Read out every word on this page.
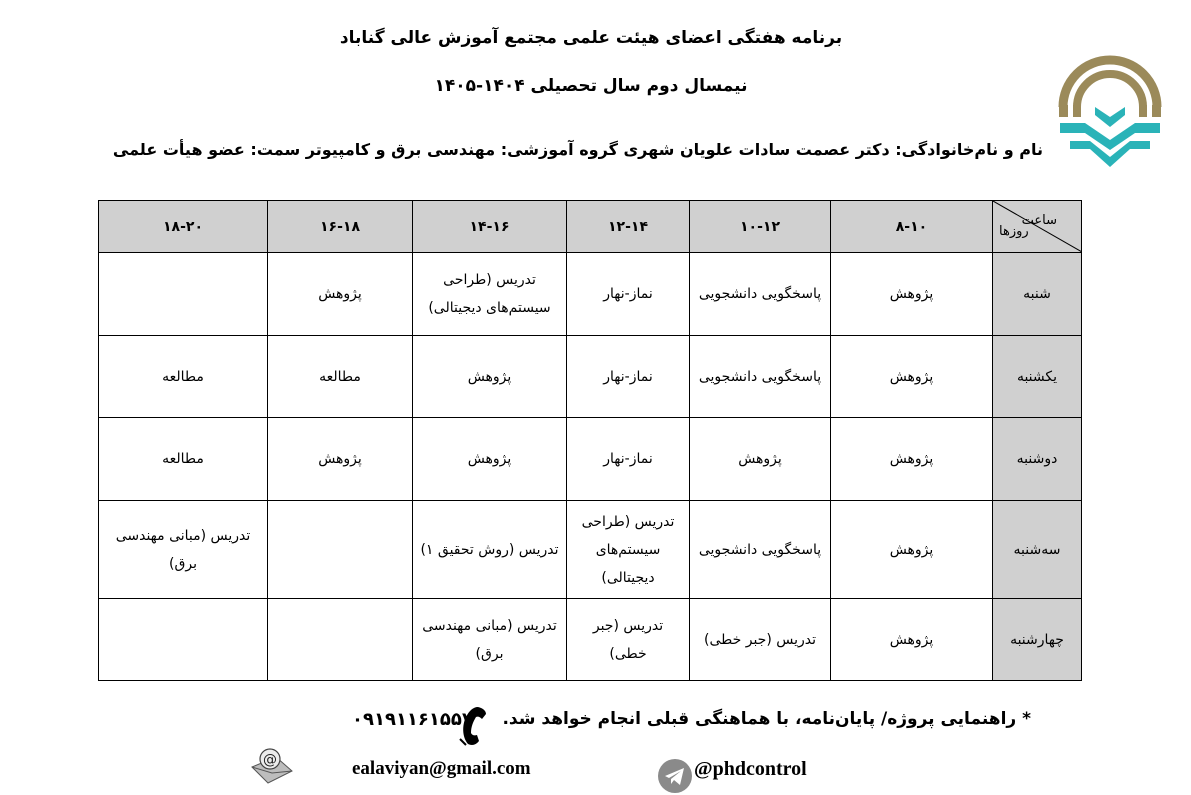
برنامه هفتگی اعضای هیئت علمی مجتمع آموزش عالی گناباد
نیمسال دوم سال تحصیلی ۱۴۰۴-۱۴۰۵
نام و نام‌خانوادگی: دکتر عصمت سادات علویان شهری گروه آموزشی: مهندسی برق و کامپیوتر سمت: عضو هیأت علمی
ساعت
روزها	۸-۱۰	۱۰-۱۲	۱۲-۱۴	۱۴-۱۶	۱۶-۱۸	۱۸-۲۰
شنبه	پژوهش	پاسخگویی دانشجویی	نماز-نهار	تدریس (طراحی سیستم‌های دیجیتالی)	پژوهش	
یکشنبه	پژوهش	پاسخگویی دانشجویی	نماز-نهار	پژوهش	مطالعه	مطالعه
دوشنبه	پژوهش	پژوهش	نماز-نهار	پژوهش	پژوهش	مطالعه
سه‌شنبه	پژوهش	پاسخگویی دانشجویی	تدریس (طراحی سیستم‌های دیجیتالی)	تدریس (روش تحقیق ۱)		تدریس (مبانی مهندسی برق)
چهارشنبه	پژوهش	تدریس (جبر خطی)	تدریس (جبر خطی)	تدریس (مبانی مهندسی برق)		
* راهنمایی پروژه/ پایان‌نامه، با هماهنگی قبلی انجام خواهد شد.
۰۹۱۹۱۱۶۱۵۵۷
@	ealaviyan@gmail.com	@phdcontrol
